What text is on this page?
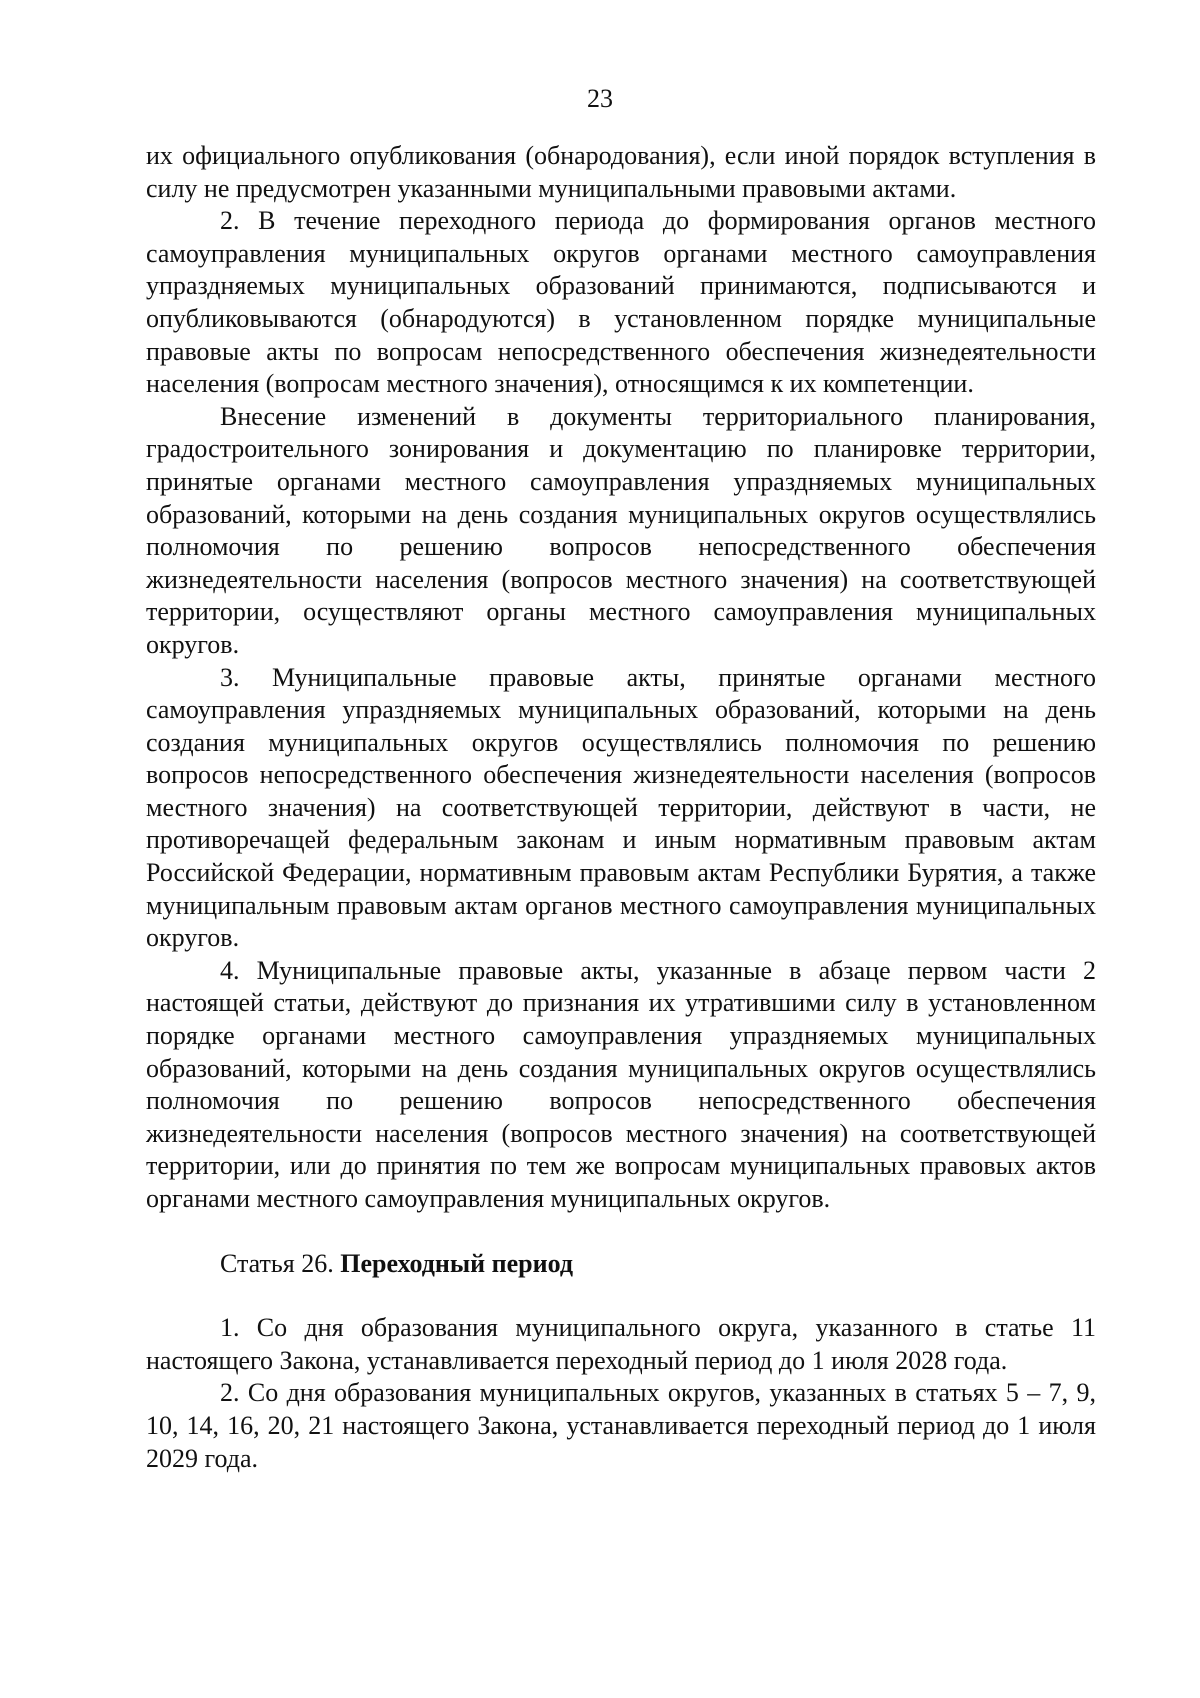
23

их официального опубликования (обнародования), если иной порядок вступления в силу не предусмотрен указанными муниципальными правовыми актами.

2. В течение переходного периода до формирования органов местного самоуправления муниципальных округов органами местного самоуправления упраздняемых муниципальных образований принимаются, подписываются и опубликовываются (обнародуются) в установленном порядке муниципальные правовые акты по вопросам непосредственного обеспечения жизнедеятельности населения (вопросам местного значения), относящимся к их компетенции.

Внесение изменений в документы территориального планирования, градостроительного зонирования и документацию по планировке территории, принятые органами местного самоуправления упраздняемых муниципальных образований, которыми на день создания муниципальных округов осуществлялись полномочия по решению вопросов непосредственного обеспечения жизнедеятельности населения (вопросов местного значения) на соответствующей территории, осуществляют органы местного самоуправления муниципальных округов.

3. Муниципальные правовые акты, принятые органами местного самоуправления упраздняемых муниципальных образований, которыми на день создания муниципальных округов осуществлялись полномочия по решению вопросов непосредственного обеспечения жизнедеятельности населения (вопросов местного значения) на соответствующей территории, действуют в части, не противоречащей федеральным законам и иным нормативным правовым актам Российской Федерации, нормативным правовым актам Республики Бурятия, а также муниципальным правовым актам органов местного самоуправления муниципальных округов.

4. Муниципальные правовые акты, указанные в абзаце первом части 2 настоящей статьи, действуют до признания их утратившими силу в установленном порядке органами местного самоуправления упраздняемых муниципальных образований, которыми на день создания муниципальных округов осуществлялись полномочия по решению вопросов непосредственного обеспечения жизнедеятельности населения (вопросов местного значения) на соответствующей территории, или до принятия по тем же вопросам муниципальных правовых актов органами местного самоуправления муниципальных округов.

Статья 26. Переходный период

1. Со дня образования муниципального округа, указанного в статье 11 настоящего Закона, устанавливается переходный период до 1 июля 2028 года.

2. Со дня образования муниципальных округов, указанных в статьях 5 – 7, 9, 10, 14, 16, 20, 21 настоящего Закона, устанавливается переходный период до 1 июля 2029 года.
